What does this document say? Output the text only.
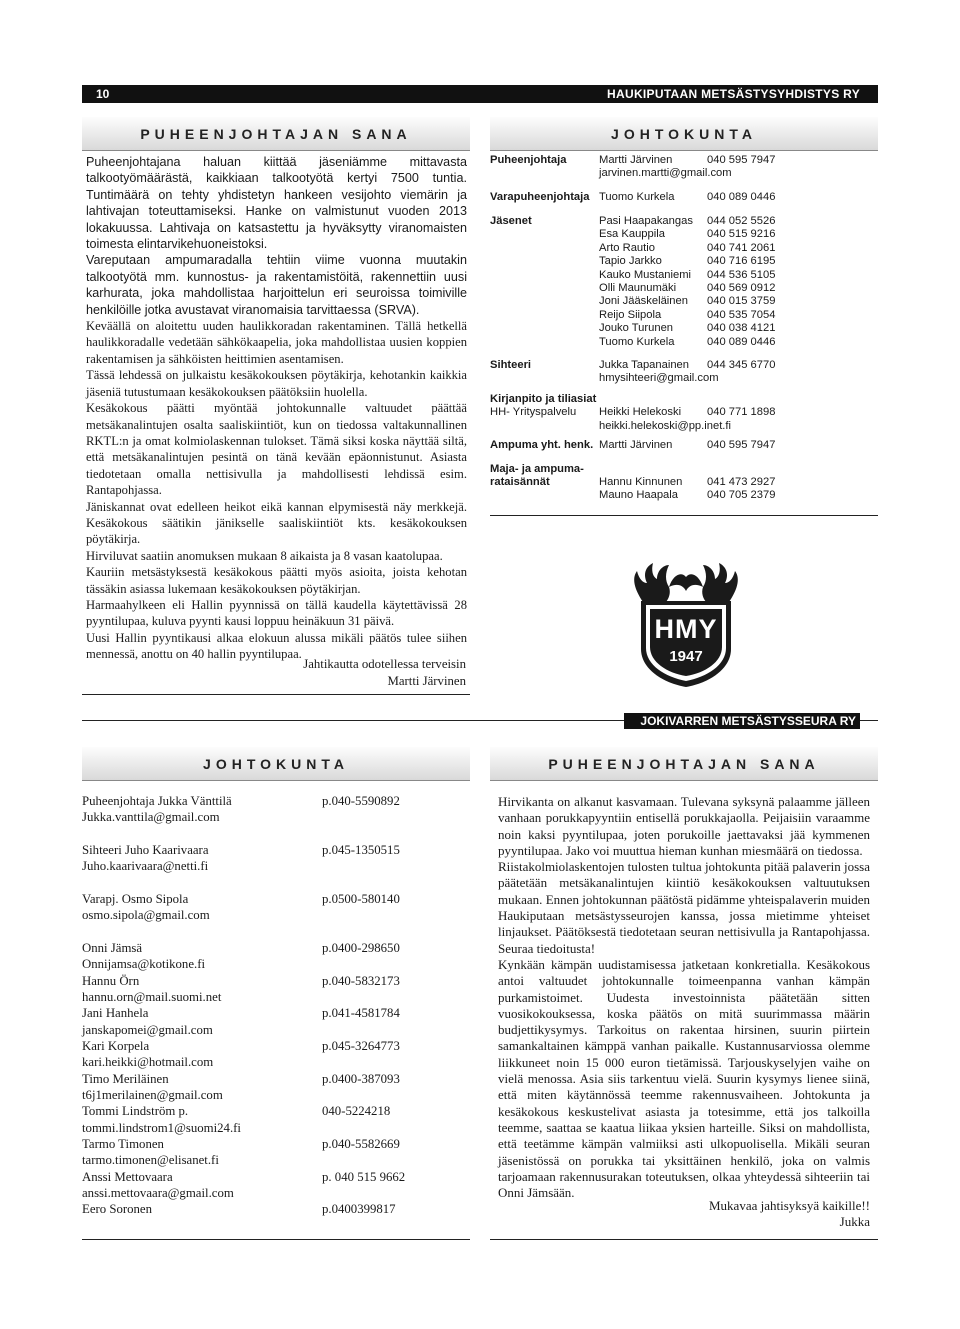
10	HAUKIPUTAAN METSÄSTYSYHDISTYS RY
PUHEENJOHTAJAN SANA

Puheenjohtajana haluan kiittää jäseniämme mittavasta talkootyömäärästä, kaikkiaan talkootyötä kertyi 7500 tuntia. Tuntimäärä on tehty yhdistetyn hankeen vesijohto viemärin ja lahtivajan toteuttamiseksi. Hanke on valmistunut vuoden 2013 lokakuussa. Lahtivaja on katsastettu ja hyväksytty viranomaisten toimesta elintarvikehuoneistoksi.

Vareputaan ampumaradalla tehtiin viime vuonna muutakin talkootyötä mm. kunnostus- ja rakentamistöitä, rakennettiin uusi karhurata, joka mahdollistaa harjoittelun eri seuroissa toimiville henkilöille jotka avustavat viranomaisia tarvittaessa (SRVA).

Keväällä on aloitettu uuden haulikkoradan rakentaminen. Tällä hetkellä haulikkoradalle vedetään sähkökaapelia, joka mahdollistaa uusien koppien rakentamisen ja sähköisten heittimien asentamisen.

Tässä lehdessä on julkaistu kesäkokouksen pöytäkirja, kehotankin kaikkia jäseniä tutustumaan kesäkokouksen päätöksiin huolella.

Kesäkokous päätti myöntää johtokunnalle valtuudet päättää metsäkanalintujen osalta saaliskiintiöt, kun on tiedossa valtakunnallinen RKTL:n ja omat kolmiolaskennan tulokset. Tämä siksi koska näyttää siltä, että metsäkanalintujen pesintä on tänä kevään epäonnistunut. Asiasta tiedotetaan omalla nettisivulla ja mahdollisesti lehdissä esim. Rantapohjassa.

Jäniskannat ovat edelleen heikot eikä kannan elpymisestä näy merkkejä. Kesäkokous säätikin jänikselle saaliskiintiöt kts. kesäkokouksen pöytäkirja.

Hirviluvat saatiin anomuksen mukaan 8 aikaista ja 8 vasan kaatolupaa.

Kauriin metsästyksestä kesäkokous päätti myös asioita, joista kehotan tässäkin asiassa lukemaan kesäkokouksen pöytäkirjan.

Harmaahylkeen eli Hallin pyynnissä on tällä kaudella käytettävissä 28 pyyntilupaa, kuluva pyynti kausi loppuu heinäkuun 31 päivä.

Uusi Hallin pyyntikausi alkaa elokuun alussa mikäli päätös tulee siihen mennessä, anottu on 40 hallin pyyntilupaa.

Jahtikautta odotellessa terveisin
Martti Järvinen
JOHTOKUNTA
Puheenjohtaja	Martti Järvinen	040 595 7947
jarvinen.martti@gmail.com
Varapuheenjohtaja Tuomo Kurkela	040 089 0446
Jäsenet	Pasi Haapakangas 044 052 5526
Esa Kauppila	040 515 9216
Arto Rautio	040 741 2061
Tapio Jarkko	040 716 6195
Kauko Mustaniemi 044 536 5105
Olli Maunumäki	040 569 0912
Joni Jääskeläinen 040 015 3759
Reijo Siipola	040 535 7054
Jouko Turunen	040 038 4121
Tuomo Kurkela	040 089 0446
Sihteeri	Jukka Tapanainen 044 345 6770
hmysihteeri@gmail.com
Kirjanpito ja tiliasiat
HH- Yrityspalvelu Heikki Helekoski 040 771 1898
heikki.helekoski@pp.inet.fi
Ampuma yht. henk. Martti Järvinen	040 595 7947
Maja- ja ampuma-
rataisännät	Hannu Kinnunen 041 473 2927
Mauno Haapala	040 705 2379
HMY
1947
JOKIVARREN METSÄSTYSSEURA RY
JOHTOKUNTA
Puheenjohtaja Jukka Vänttilä	p.040-5590892
Jukka.vanttila@gmail.com
Sihteeri Juho Kaarivaara	p.045-1350515
Juho.kaarivaara@netti.fi
Varapj. Osmo Sipola	p.0500-580140
osmo.sipola@gmail.com
Onni Jämsä	p.0400-298650
Onnijamsa@kotikone.fi
Hannu Örn	p.040-5832173
hannu.orn@mail.suomi.net
Jani Hanhela	p.041-4581784
janskapomei@gmail.com
Kari Korpela	p.045-3264773
kari.heikki@hotmail.com
Timo Meriläinen	p.0400-387093
t6j1merilainen@gmail.com
Tommi Lindström p.	040-5224218
tommi.lindstrom1@suomi24.fi
Tarmo Timonen	p.040-5582669
tarmo.timonen@elisanet.fi
Anssi Mettovaara	p. 040 515 9662
anssi.mettovaara@gmail.com
Eero Soronen	p.0400399817
PUHEENJOHTAJAN SANA

Hirvikanta on alkanut kasvamaan. Tulevana syksynä palaamme jälleen vanhaan porukkapyyntiin entisellä porukkajaolla. Peijaisiin varaamme noin kaksi pyyntilupaa, joten porukoille jaettavaksi jää kymmenen pyyntilupaa. Jako voi muuttua hieman kunhan miesmäärä on tiedossa.

Riistakolmiolaskentojen tulosten tultua johtokunta pitää palaverin jossa päätetään metsäkanalintujen kiintiö kesäkokouksen valtuutuksen mukaan. Ennen johtokunnan päätöstä pidämme yhteispalaverin muiden Haukiputaan metsästysseurojen kanssa, jossa mietimme yhteiset linjaukset. Päätöksestä tiedotetaan seuran nettisivulla ja Rantapohjassa. Seuraa tiedoitusta!

Kynkään kämpän uudistamisessa jatketaan konkretialla. Kesäkokous antoi valtuudet johtokunnalle toimeenpanna vanhan kämpän purkamistoimet. Uudesta investoinnista päätetään sitten vuosikokouksessa, koska päätös on mitä suurimmassa määrin budjettikysymys. Tarkoitus on rakentaa hirsinen, suurin piirtein samankaltainen kämppä vanhan paikalle. Kustannusarviossa olemme liikkuneet noin 15 000 euron tietämissä. Tarjouskyselyjen vaihe on vielä menossa. Asia siis tarkentuu vielä. Suurin kysymys lienee siinä, että miten käytännössä teemme rakennusvaiheen. Johtokunta ja kesäkokous keskustelivat asiasta ja totesimme, että jos talkoilla teemme, saattaa se kaatua liikaa yksien harteille. Siksi on mahdollista, että teetämme kämpän valmiiksi asti ulkopuolisella. Mikäli seuran jäsenistössä on porukka tai yksittäinen henkilö, joka on valmis tarjoamaan rakennusurakan toteutuksen, olkaa yhteydessä sihteeriin tai Onni Jämsään.

Mukavaa jahtisyksyä kaikille!!
Jukka
